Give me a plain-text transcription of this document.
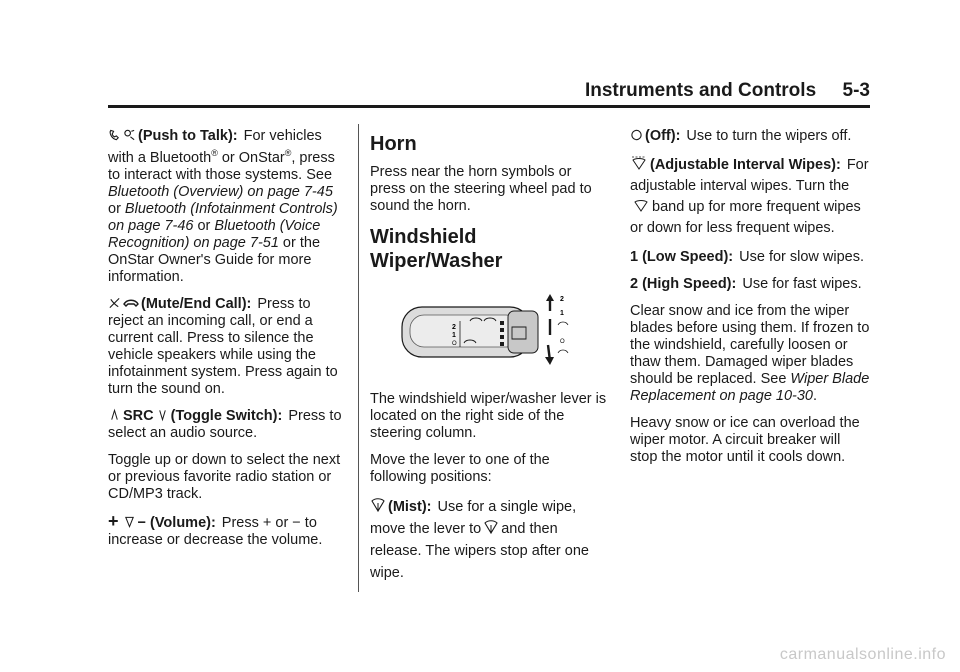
Instruments and Controls     5-3

(Push to Talk): For vehicles with a Bluetooth® or OnStar®, press to interact with those systems. See Bluetooth (Overview) on page 7-45 or Bluetooth (Infotainment Controls) on page 7-46 or Bluetooth (Voice Recognition) on page 7-51 or the OnStar Owner's Guide for more information.

(Mute/End Call): Press to reject an incoming call, or end a current call. Press to silence the vehicle speakers while using the infotainment system. Press again to turn the sound on.

SRC (Toggle Switch): Press to select an audio source.

Toggle up or down to select the next or previous favorite radio station or CD/MP3 track.

+ − (Volume): Press + or − to increase or decrease the volume.

Horn

Press near the horn symbols or press on the steering wheel pad to sound the horn.

Windshield Wiper/Washer
2
1
O
2
1
O

The windshield wiper/washer lever is located on the right side of the steering column.

Move the lever to one of the following positions:

(Mist): Use for a single wipe, move the lever to and then release. The wipers stop after one wipe.

(Off): Use to turn the wipers off.

(Adjustable Interval Wipes): For adjustable interval wipes. Turn theband up for more frequent wipes or down for less frequent wipes.

1 (Low Speed): Use for slow wipes.

2 (High Speed): Use for fast wipes.

Clear snow and ice from the wiper blades before using them. If frozen to the windshield, carefully loosen or thaw them. Damaged wiper blades should be replaced. See Wiper Blade Replacement on page 10-30.

Heavy snow or ice can overload the wiper motor. A circuit breaker will stop the motor until it cools down.

carmanualsonline.info
